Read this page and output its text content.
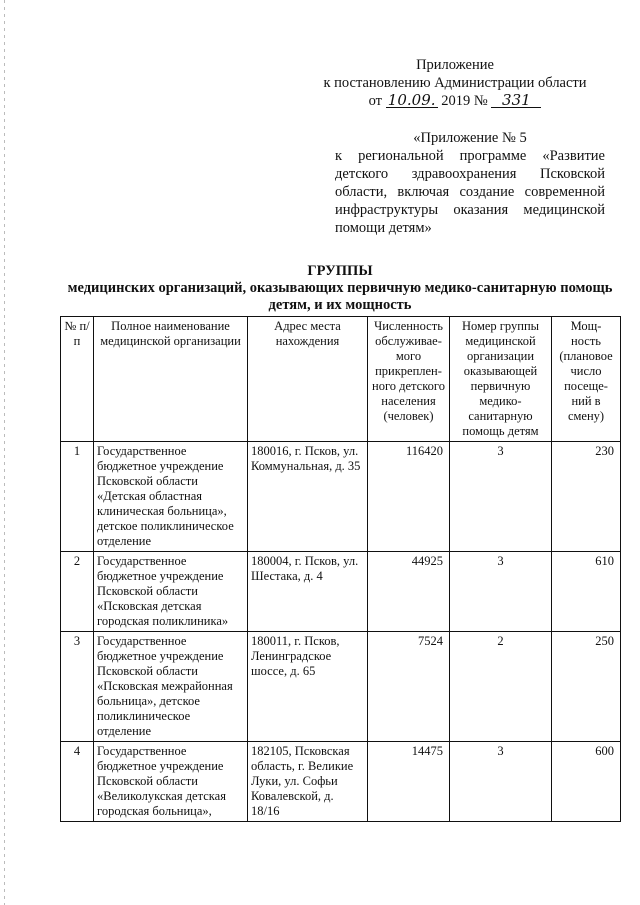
Приложение
к постановлению Администрации области
от 10.09. 2019 № 331
«Приложение № 5
к региональной программе «Развитие детского здравоохранения Псковской области, включая создание современной инфраструктуры оказания медицинской помощи детям»
ГРУППЫ
медицинских организаций, оказывающих первичную медико-санитарную помощь детям, и их мощность
№ п/п	Полное наименование медицинской организации	Адрес места нахождения	Численность обслуживае- мого прикреплен- ного детского населения (человек)	Номер группы медицинской организации оказывающей первичную медико- санитарную помощь детям	Мощ- ность (плановое число посеще- ний в смену)
1	Государственное бюджетное учреждение Псковской области «Детская областная клиническая больница», детское поликлиническое отделение	180016, г. Псков, ул. Коммунальная, д. 35	116420	3	230
2	Государственное бюджетное учреждение Псковской области «Псковская детская городская поликлиника»	180004, г. Псков, ул. Шестака, д. 4	44925	3	610
3	Государственное бюджетное учреждение Псковской области «Псковская межрайонная больница», детское поликлиническое отделение	180011, г. Псков, Ленинградское шоссе, д. 65	7524	2	250
4	Государственное бюджетное учреждение Псковской области «Великолукская детская городская больница»,	182105, Псковская область, г. Великие Луки, ул. Софьи Ковалевской, д. 18/16	14475	3	600
